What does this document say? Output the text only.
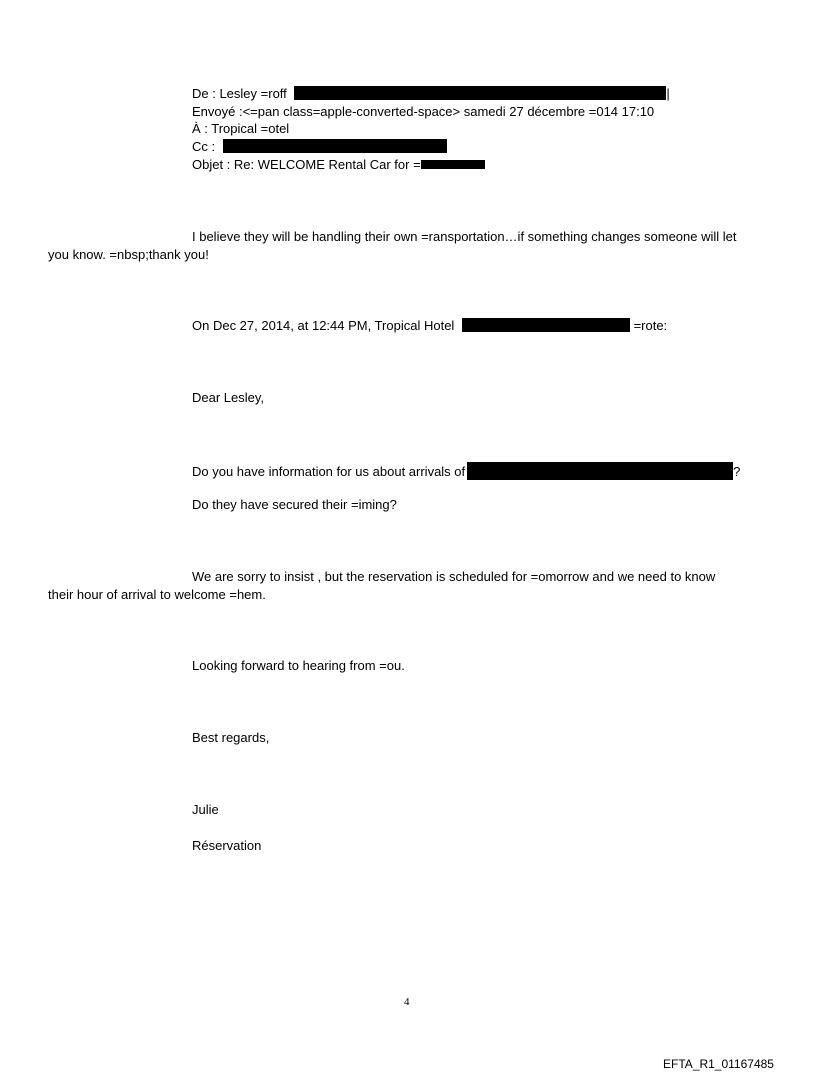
De : Lesley =roff	|
Envoyé :<=pan class=apple-converted-space> samedi 27 décembre =014 17:10
À : Tropical =otel
Cc :
Objet : Re: WELCOME Rental Car for =
I believe they will be handling their own =ransportation…if something changes someone will let
you know. =nbsp;thank you!
On Dec 27, 2014, at 12:44 PM, Tropical Hotel	=rote:
Dear Lesley,
Do you have information for us about arrivals of	?
Do they have secured their =iming?
We are sorry to insist , but the reservation is scheduled for =omorrow and we need to know
their hour of arrival to welcome =hem.
Looking forward to hearing from =ou.
Best regards,
Julie
Réservation
4
EFTA_R1_01167485
